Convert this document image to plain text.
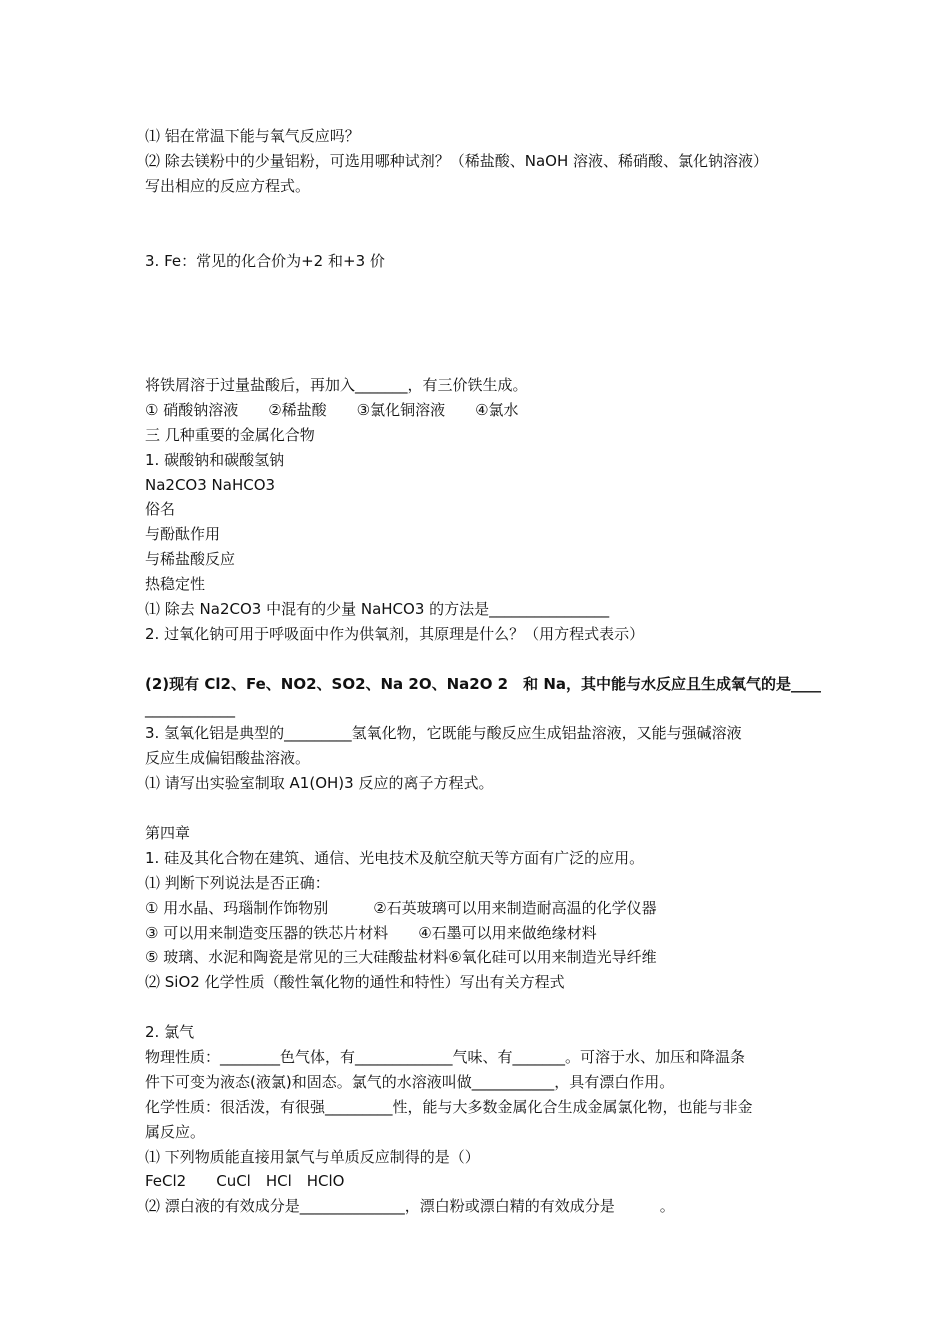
⑴ 铝在常温下能与氧气反应吗？
⑵ 除去镁粉中的少量铝粉，可选用哪种试剂？（稀盐酸、NaOH 溶液、稀硝酸、氯化钠溶液）
写出相应的反应方程式。
3. Fe：常见的化合价为+2 和+3 价
将铁屑溶于过量盐酸后，再加入_______，有三价铁生成。
① 硝酸钠溶液　　②稀盐酸　　③氯化铜溶液　　④氯水
三 几种重要的金属化合物
1. 碳酸钠和碳酸氢钠
Na2CO3 NaHCO3
俗名
与酚酞作用
与稀盐酸反应
热稳定性
⑴ 除去 Na2CO3 中混有的少量 NaHCO3 的方法是________________
2. 过氧化钠可用于呼吸面中作为供氧剂，其原理是什么？（用方程式表示）
(2)现有 Cl2、Fe、NO2、SO2、Na 2O、Na2O 2　和 Na，其中能与水反应且生成氧气的是____
____________
3. 氢氧化铝是典型的_________氢氧化物，它既能与酸反应生成铝盐溶液，又能与强碱溶液
反应生成偏铝酸盐溶液。
⑴ 请写出实验室制取 A1(OH)3 反应的离子方程式。
第四章
1. 硅及其化合物在建筑、通信、光电技术及航空航天等方面有广泛的应用。
⑴ 判断下列说法是否正确：
① 用水晶、玛瑙制作饰物别　　　②石英玻璃可以用来制造耐高温的化学仪器
③ 可以用来制造变压器的铁芯片材料　　④石墨可以用来做绝缘材料
⑤ 玻璃、水泥和陶瓷是常见的三大硅酸盐材料⑥氧化硅可以用来制造光导纤维
⑵ SiO2 化学性质（酸性氧化物的通性和特性）写出有关方程式
2. 氯气
物理性质：________色气体，有_____________气味、有_______。可溶于水、加压和降温条
件下可变为液态(液氯)和固态。氯气的水溶液叫做___________，具有漂白作用。
化学性质：很活泼，有很强_________性，能与大多数金属化合生成金属氯化物，也能与非金
属反应。
⑴ 下列物质能直接用氯气与单质反应制得的是（）
FeCl2　　CuCl　HCl　HClO
⑵ 漂白液的有效成分是______________，漂白粉或漂白精的有效成分是　　　。
